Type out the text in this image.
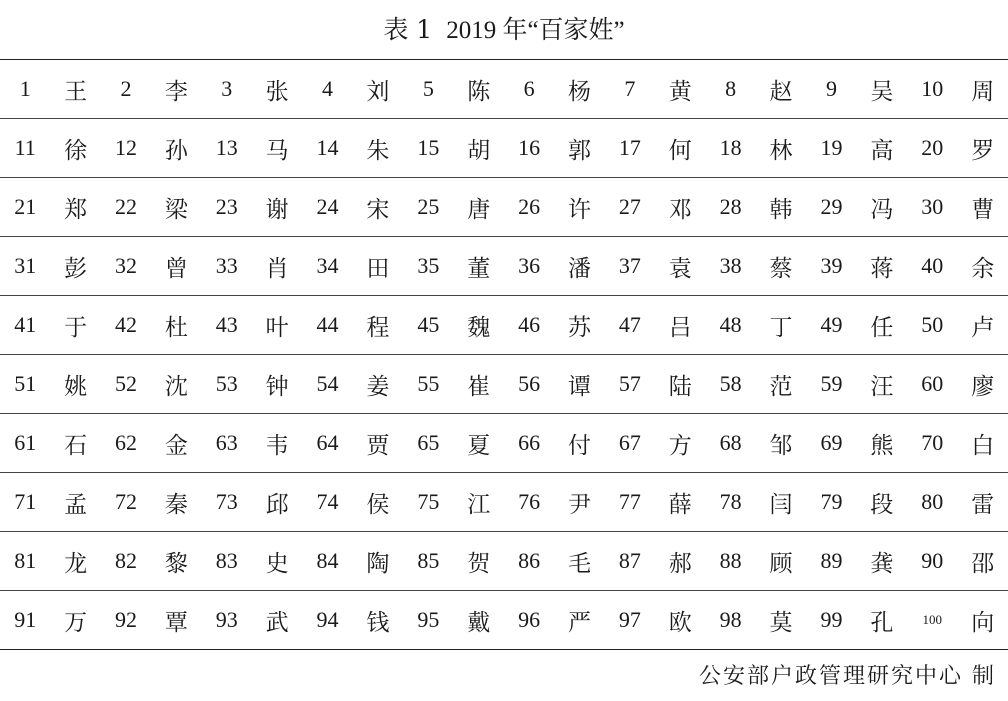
表 1 2019 年“百家姓”
1	王	2	李	3	张	4	刘	5	陈	6	杨	7	黄	8	赵	9	吴	10	周
11	徐	12	孙	13	马	14	朱	15	胡	16	郭	17	何	18	林	19	高	20	罗
21	郑	22	梁	23	谢	24	宋	25	唐	26	许	27	邓	28	韩	29	冯	30	曹
31	彭	32	曾	33	肖	34	田	35	董	36	潘	37	袁	38	蔡	39	蒋	40	余
41	于	42	杜	43	叶	44	程	45	魏	46	苏	47	吕	48	丁	49	任	50	卢
51	姚	52	沈	53	钟	54	姜	55	崔	56	谭	57	陆	58	范	59	汪	60	廖
61	石	62	金	63	韦	64	贾	65	夏	66	付	67	方	68	邹	69	熊	70	白
71	孟	72	秦	73	邱	74	侯	75	江	76	尹	77	薛	78	闫	79	段	80	雷
81	龙	82	黎	83	史	84	陶	85	贺	86	毛	87	郝	88	顾	89	龚	90	邵
91	万	92	覃	93	武	94	钱	95	戴	96	严	97	欧	98	莫	99	孔	100	向
公安部户政管理研究中心 制
